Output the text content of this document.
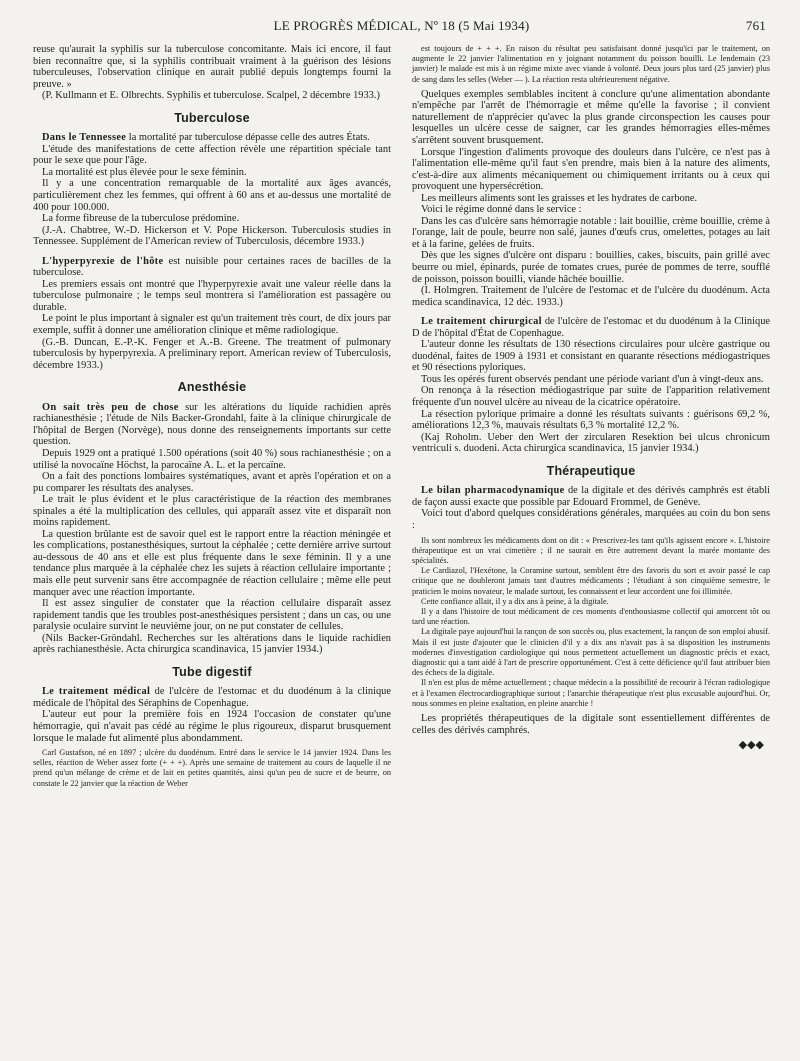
LE PROGRÈS MÉDICAL, Nº 18 (5 Mai 1934)	761

reuse qu'aurait la syphilis sur la tuberculose concomitante. Mais ici encore, il faut bien reconnaître que, si la syphilis contribuait vraiment à la guérison des lésions tuberculeuses, l'observation clinique en aurait publié depuis longtemps fourni la preuve. »

(P. Kullmann et E. Olbrechts. Syphilis et tuberculose. Scalpel, 2 décembre 1933.)

Tuberculose

Dans le Tennessee la mortalité par tuberculose dépasse celle des autres États.

L'étude des manifestations de cette affection révèle une répartition spéciale tant pour le sexe que pour l'âge.

La mortalité est plus élevée pour le sexe féminin.

Il y a une concentration remarquable de la mortalité aux âges avancés, particulièrement chez les femmes, qui offrent à 60 ans et au-dessus une mortalité de 400 pour 100.000.

La forme fibreuse de la tuberculose prédomine.

(J.-A. Chabtree, W.-D. Hickerson et V. Pope Hickerson. Tuberculosis studies in Tennessee. Supplément de l'American review of Tuberculosis, décembre 1933.)

L'hyperpyrexie de l'hôte est nuisible pour certaines races de bacilles de la tuberculose.

Les premiers essais ont montré que l'hyperpyrexie avait une valeur réelle dans la tuberculose pulmonaire ; le temps seul montrera si l'amélioration est passagère ou durable.

Le point le plus important à signaler est qu'un traitement très court, de dix jours par exemple, suffit à donner une amélioration clinique et même radiologique.

(G.-B. Duncan, E.-P.-K. Fenger et A.-B. Greene. The treatment of pulmonary tuberculosis by hyperpyrexia. A preliminary report. American review of Tuberculosis, décembre 1933.)

Anesthésie

On sait très peu de chose sur les altérations du liquide rachidien après rachianesthésie ; l'étude de Nils Backer-Grondahl, faite à la clinique chirurgicale de l'hôpital de Bergen (Norvège), nous donne des renseignements importants sur cette question.

Depuis 1929 ont a pratiqué 1.500 opérations (soit 40 %) sous rachianesthésie ; on a utilisé la novocaïne Höchst, la parocaïne A. L. et la percaïne.

On a fait des ponctions lombaires systématiques, avant et après l'opération et on a pu comparer les résultats des analyses.

Le trait le plus évident et le plus caractéristique de la réaction des membranes spinales a été la multiplication des cellules, qui apparaît assez vite et disparaît non moins rapidement.

La question brûlante est de savoir quel est le rapport entre la réaction méningée et les complications, postanesthésiques, surtout la céphalée ; cette dernière arrive surtout au-dessous de 40 ans et elle est plus fréquente dans le sexe féminin. Il y a une tendance plus marquée à la céphalée chez les sujets à réaction cellulaire importante ; mais elle peut survenir sans être accompagnée de réaction cellulaire ; même elle peut manquer avec une réaction importante.

Il est assez singulier de constater que la réaction cellulaire disparaît assez rapidement tandis que les troubles post-anesthésiques persistent ; dans un cas, ou une paralysie oculaire survint le neuvième jour, on ne put constater de cellules.

(Nils Backer-Gröndahl. Recherches sur les altérations dans le liquide rachidien après rachianesthésie. Acta chirurgica scandinavica, 15 janvier 1934.)

Tube digestif

Le traitement médical de l'ulcère de l'estomac et du duodénum à la clinique médicale de l'hôpital des Séraphins de Copenhague.

L'auteur eut pour la première fois en 1924 l'occasion de constater qu'une hémorragie, qui n'avait pas cédé au régime le plus rigoureux, disparut brusquement lorsque le malade fut alimenté plus abondamment.

Carl Gustafson, né en 1897 ; ulcère du duodénum. Entré dans le service le 14 janvier 1924. Dans les selles, réaction de Weber assez forte (+ + +). Après une semaine de traitement au cours de laquelle il ne prend qu'un mélange de crème et de lait en petites quantités, ainsi qu'un peu de sucre et de beurre, on constate le 22 janvier que la réaction de Weber

est toujours de + + +. En raison du résultat peu satisfaisant donné jusqu'ici par le traitement, on augmente le 22 janvier l'alimentation en y joignant notamment du poisson bouilli. Le lendemain (23 janvier) le malade est mis à un régime mixte avec viande à volonté. Deux jours plus tard (25 janvier) plus de sang dans les selles (Weber — ). La réaction resta ultérieurement négative.

Quelques exemples semblables incitent à conclure qu'une alimentation abondante n'empêche par l'arrêt de l'hémorragie et même qu'elle la favorise ; il convient naturellement de n'apprécier qu'avec la plus grande circonspection les causes pour lesquelles un ulcère cesse de saigner, car les grandes hémorragies elles-mêmes s'arrêtent souvent brusquement.

Lorsque l'ingestion d'aliments provoque des douleurs dans l'ulcère, ce n'est pas à l'alimentation elle-même qu'il faut s'en prendre, mais bien à la nature des aliments, c'est-à-dire aux aliments mécaniquement ou chimiquement irritants ou à ceux qui provoquent une hypersécrétion.

Les meilleurs aliments sont les graisses et les hydrates de carbone.

Voici le régime donné dans le service :

Dans les cas d'ulcère sans hémorragie notable : lait bouillie, crème bouillie, crème à l'orange, lait de poule, beurre non salé, jaunes d'œufs crus, omelettes, potages au lait et à la farine, gelées de fruits.

Dès que les signes d'ulcère ont disparu : bouillies, cakes, biscuits, pain grillé avec beurre ou miel, épinards, purée de tomates crues, purée de pommes de terre, soufflé de poisson, poisson bouilli, viande hâchée bouillie.

(I. Holmgren. Traitement de l'ulcère de l'estomac et de l'ulcère du duodénum. Acta medica scandinavica, 12 déc. 1933.)

Le traitement chirurgical de l'ulcère de l'estomac et du duodénum à la Clinique D de l'hôpital d'État de Copenhague.

L'auteur donne les résultats de 130 résections circulaires pour ulcère gastrique ou duodénal, faites de 1909 à 1931 et consistant en quarante résections médiogastriques et 90 résections pyloriques.

Tous les opérés furent observés pendant une période variant d'un à vingt-deux ans.

On renonça à la résection médiogastrique par suite de l'apparition relativement fréquente d'un nouvel ulcère au niveau de la cicatrice opératoire.

La résection pylorique primaire a donné les résultats suivants : guérisons 69,2 %, améliorations 12,3 %, mauvais résultats 6,3 % mortalité 12,2 %.

(Kaj Roholm. Ueber den Wert der zircularen Resektion bei ulcus chronicum ventriculi s. duodeni. Acta chirurgica scandinavica, 15 janvier 1934.)

Thérapeutique

Le bilan pharmacodynamique de la digitale et des dérivés camphrés est établi de façon aussi exacte que possible par Edouard Frommel, de Genève.

Voici tout d'abord quelques considérations générales, marquées au coin du bon sens :

Ils sont nombreux les médicaments dont on dit : « Prescrivez-les tant qu'ils agissent encore ». L'histoire thérapeutique est un vrai cimetière ; il ne saurait en être autrement devant la marée montante des spécialités.

Le Cardiazol, l'Hexétone, la Coramine surtout, semblent être des favoris du sort et avoir passé le cap critique que ne doubleront jamais tant d'autres médicaments ; l'étudiant à son cinquième semestre, le praticien le moins novateur, le malade surtout, les connaissent et leur accordent une foi illimitée.

Cette confiance allait, il y a dix ans à peine, à la digitale.

Il y a dans l'histoire de tout médicament de ces moments d'enthousiasme collectif qui amorcent tôt ou tard une réaction.

La digitale paye aujourd'hui la rançon de son succès ou, plus exactement, la rançon de son emploi abusif. Mais il est juste d'ajouter que le clinicien d'il y a dix ans n'avait pas à sa disposition les instruments modernes d'investigation cardiologique qui nous permettent actuellement un diagnostic précis et exact, diagnostic qui a tant aidé à l'art de prescrire opportunément. C'est à cette déficience qu'il faut attribuer bien des échecs de la digitale.

Il n'en est plus de même actuellement ; chaque médecin a la possibilité de recourir à l'écran radiologique et à l'examen électrocardiographique surtout ; l'anarchie thérapeutique n'est plus excusable aujourd'hui. Or, nous sommes en pleine exaltation, en pleine anarchie !

Les propriétés thérapeutiques de la digitale sont essentiellement différentes de celles des dérivés camphrés.

◆◆◆
